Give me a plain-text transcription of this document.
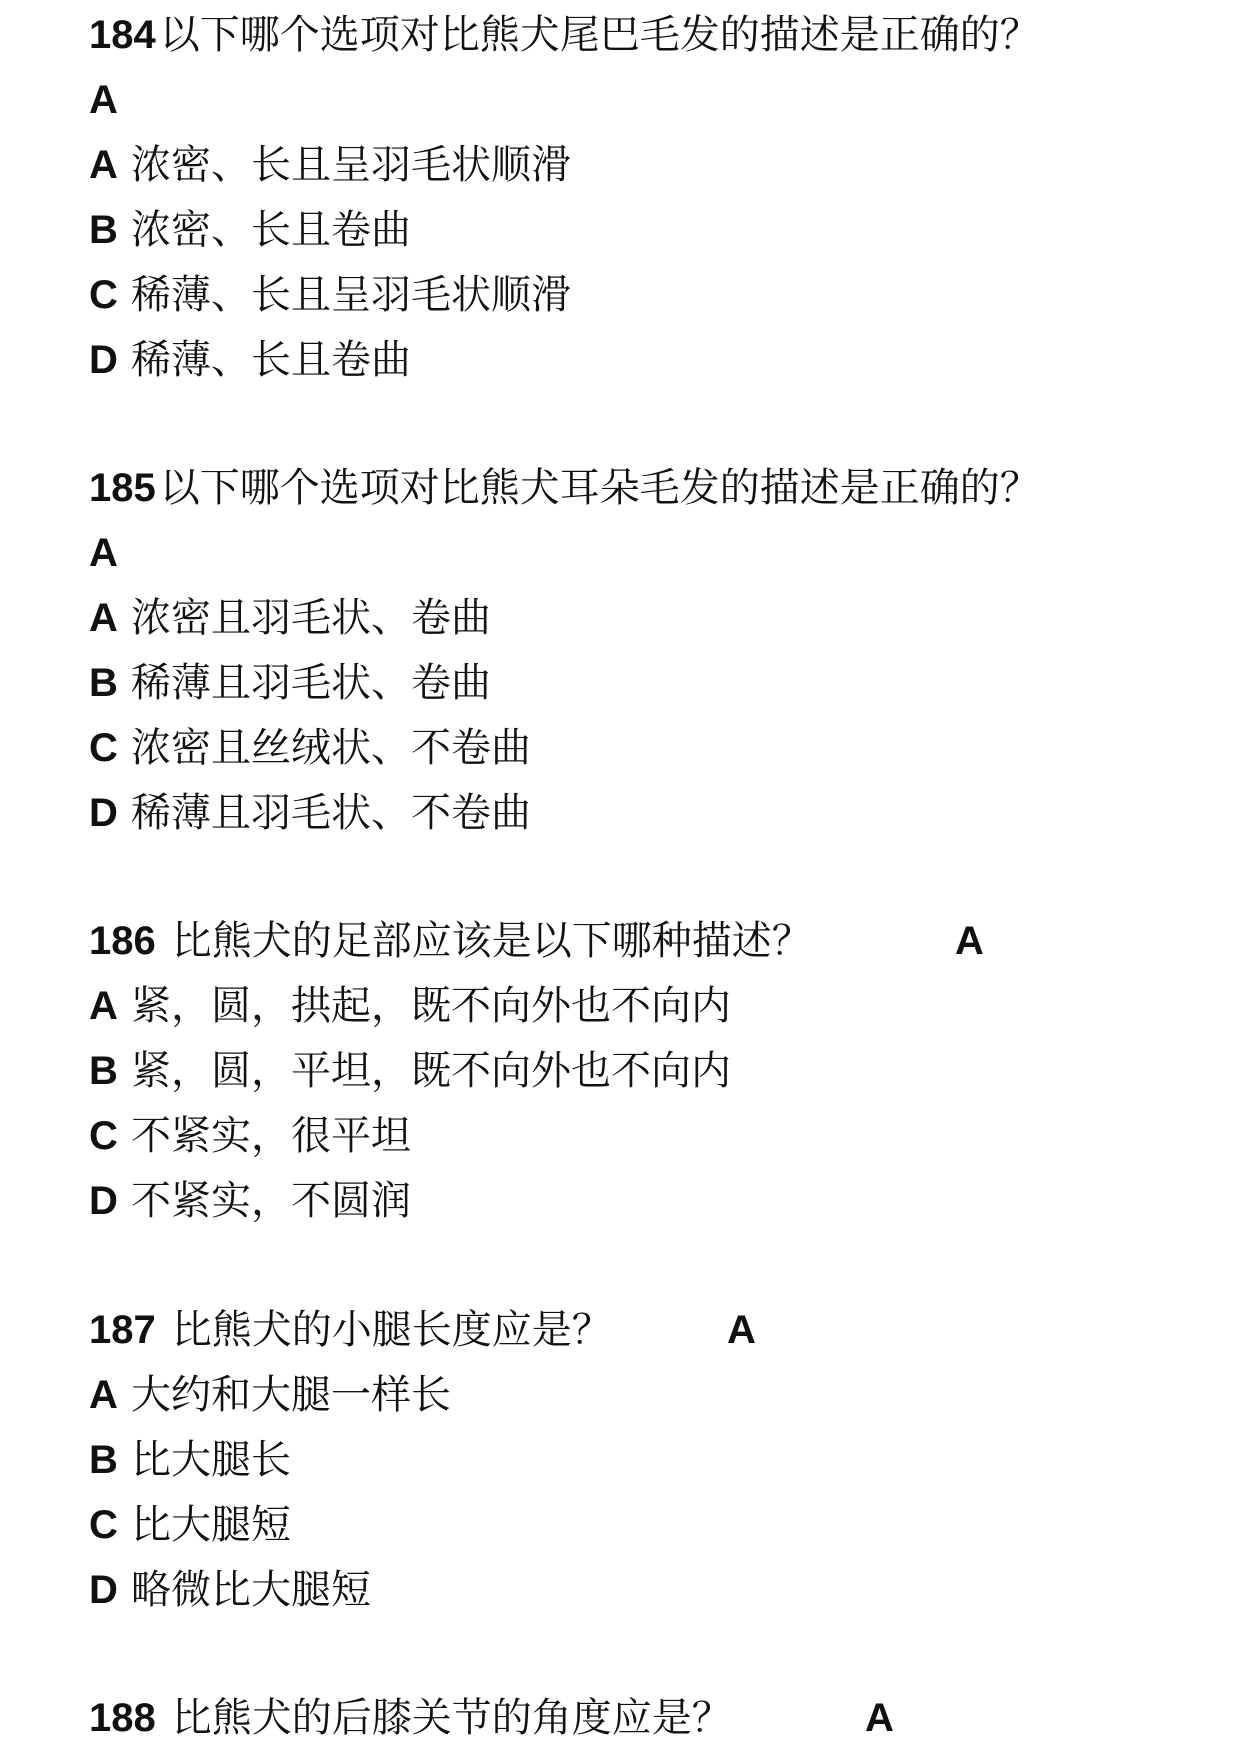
184 以下哪个选项对比熊犬尾巴毛发的描述是正确的？
A
A 浓密、长且呈羽毛状顺滑
B 浓密、长且卷曲
C 稀薄、长且呈羽毛状顺滑
D 稀薄、长且卷曲
185 以下哪个选项对比熊犬耳朵毛发的描述是正确的？
A
A 浓密且羽毛状、卷曲
B 稀薄且羽毛状、卷曲
C 浓密且丝绒状、不卷曲
D 稀薄且羽毛状、不卷曲
186 比熊犬的足部应该是以下哪种描述？	A
A 紧，圆，拱起，既不向外也不向内
B 紧，圆，平坦，既不向外也不向内
C 不紧实，很平坦
D 不紧实，不圆润
187 比熊犬的小腿长度应是？	A
A 大约和大腿一样长
B 比大腿长
C 比大腿短
D 略微比大腿短
188 比熊犬的后膝关节的角度应是？	A
